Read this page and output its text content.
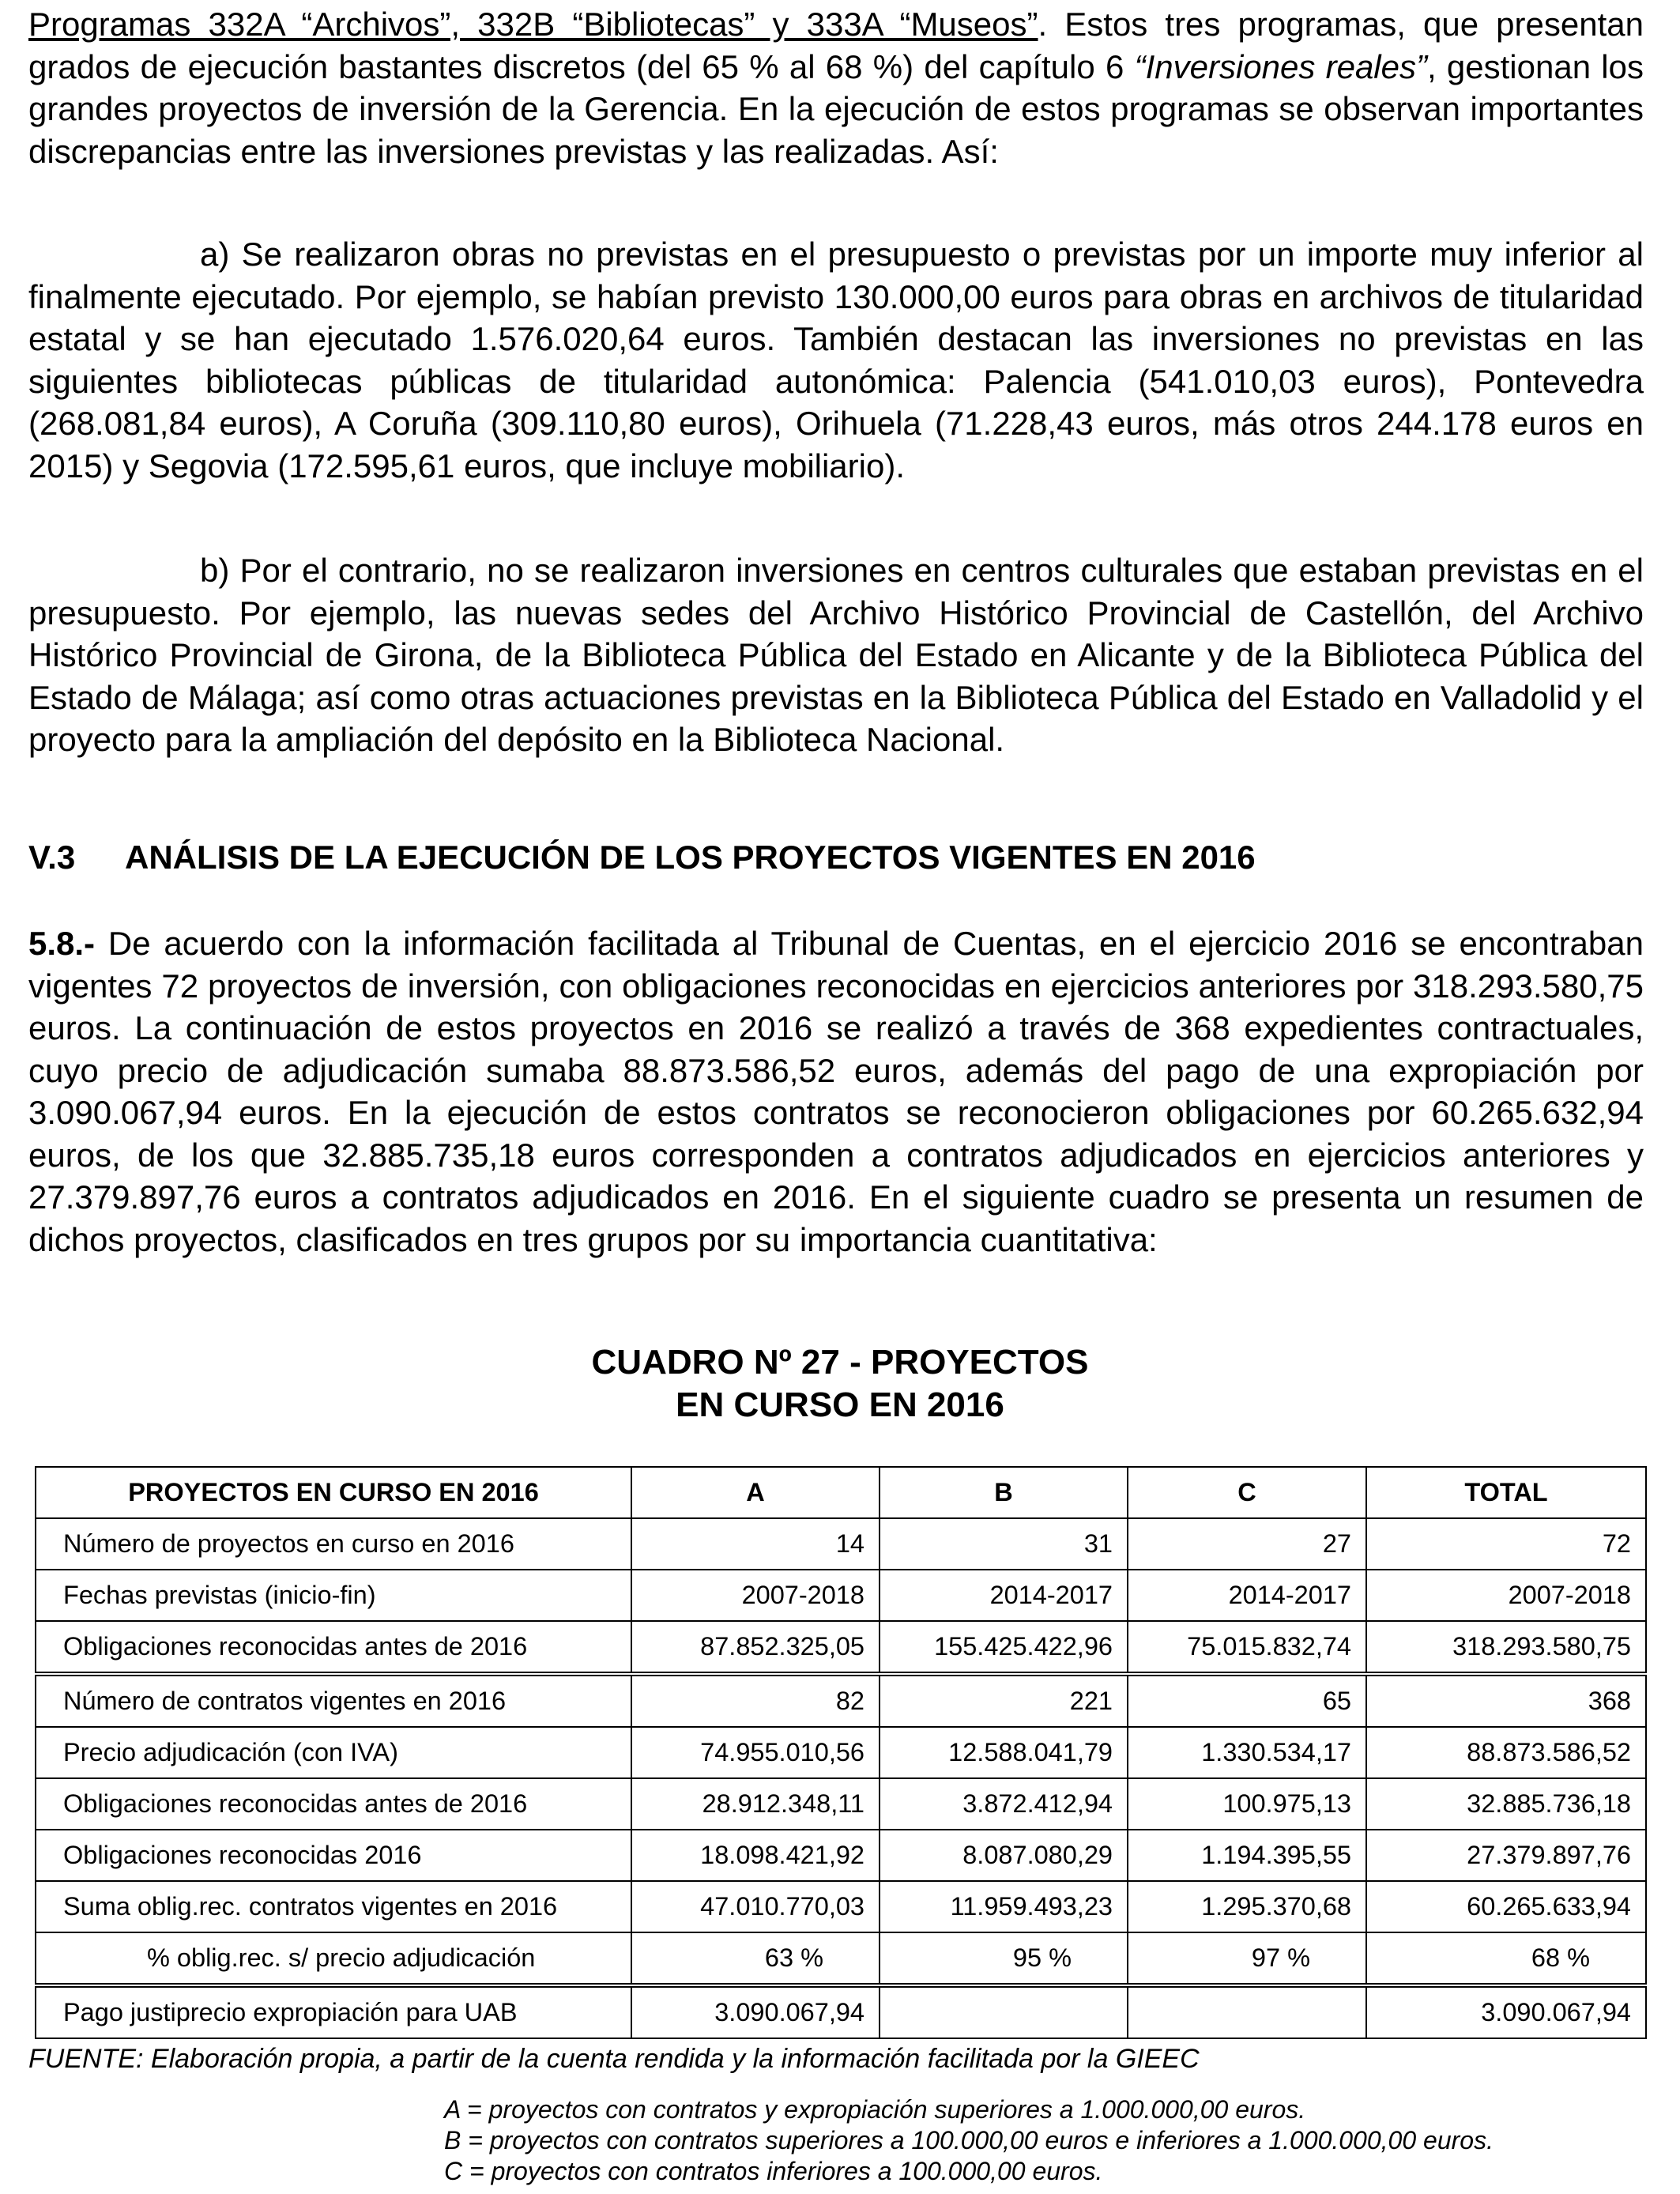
Programas 332A “Archivos”, 332B “Bibliotecas” y 333A “Museos”. Estos tres programas, que presentan grados de ejecución bastantes discretos (del 65 % al 68 %) del capítulo 6 “Inversiones reales”, gestionan los grandes proyectos de inversión de la Gerencia. En la ejecución de estos programas se observan importantes discrepancias entre las inversiones previstas y las realizadas. Así:

a) Se realizaron obras no previstas en el presupuesto o previstas por un importe muy inferior al finalmente ejecutado. Por ejemplo, se habían previsto 130.000,00 euros para obras en archivos de titularidad estatal y se han ejecutado 1.576.020,64 euros. También destacan las inversiones no previstas en las siguientes bibliotecas públicas de titularidad autonómica: Palencia (541.010,03 euros), Pontevedra (268.081,84 euros), A Coruña (309.110,80 euros), Orihuela (71.228,43 euros, más otros 244.178 euros en 2015) y Segovia (172.595,61 euros, que incluye mobiliario).

b) Por el contrario, no se realizaron inversiones en centros culturales que estaban previstas en el presupuesto. Por ejemplo, las nuevas sedes del Archivo Histórico Provincial de Castellón, del Archivo Histórico Provincial de Girona, de la Biblioteca Pública del Estado en Alicante y de la Biblioteca Pública del Estado de Málaga; así como otras actuaciones previstas en la Biblioteca Pública del Estado en Valladolid y el proyecto para la ampliación del depósito en la Biblioteca Nacional.

V.3 ANÁLISIS DE LA EJECUCIÓN DE LOS PROYECTOS VIGENTES EN 2016

5.8.- De acuerdo con la información facilitada al Tribunal de Cuentas, en el ejercicio 2016 se encontraban vigentes 72 proyectos de inversión, con obligaciones reconocidas en ejercicios anteriores por 318.293.580,75 euros. La continuación de estos proyectos en 2016 se realizó a través de 368 expedientes contractuales, cuyo precio de adjudicación sumaba 88.873.586,52 euros, además del pago de una expropiación por 3.090.067,94 euros. En la ejecución de estos contratos se reconocieron obligaciones por 60.265.632,94 euros, de los que 32.885.735,18 euros corresponden a contratos adjudicados en ejercicios anteriores y 27.379.897,76 euros a contratos adjudicados en 2016. En el siguiente cuadro se presenta un resumen de dichos proyectos, clasificados en tres grupos por su importancia cuantitativa:

CUADRO Nº 27 - PROYECTOS

EN CURSO EN 2016

PROYECTOS EN CURSO EN 2016	A	B	C	TOTAL
Número de proyectos en curso en 2016	14	31	27	72
Fechas previstas (inicio-fin)	2007-2018	2014-2017	2014-2017	2007-2018
Obligaciones reconocidas antes de 2016	87.852.325,05	155.425.422,96	75.015.832,74	318.293.580,75
Número de contratos vigentes en 2016	82	221	65	368
Precio adjudicación (con IVA)	74.955.010,56	12.588.041,79	1.330.534,17	88.873.586,52
Obligaciones reconocidas antes de 2016	28.912.348,11	3.872.412,94	100.975,13	32.885.736,18
Obligaciones reconocidas 2016	18.098.421,92	8.087.080,29	1.194.395,55	27.379.897,76
Suma oblig.rec. contratos vigentes en 2016	47.010.770,03	11.959.493,23	1.295.370,68	60.265.633,94
% oblig.rec. s/ precio adjudicación	63 %	95 %	97 %	68 %
Pago justiprecio expropiación para UAB	3.090.067,94			3.090.067,94

FUENTE: Elaboración propia, a partir de la cuenta rendida y la información facilitada por la GIEEC

A = proyectos con contratos y expropiación superiores a 1.000.000,00 euros.
B = proyectos con contratos superiores a 100.000,00 euros e inferiores a 1.000.000,00 euros.
C = proyectos con contratos inferiores a 100.000,00 euros.
